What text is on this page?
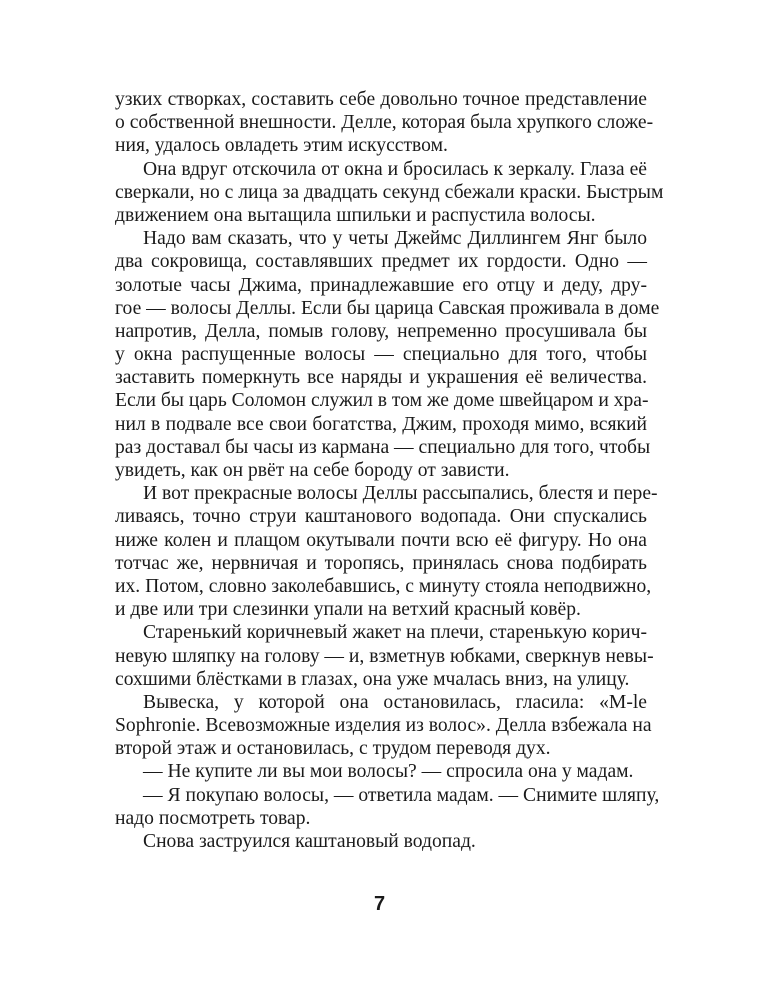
узких створках, составить себе довольно точное представление
о собственной внешности. Делле, которая была хрупкого сложе-
ния, удалось овладеть этим искусством.
Она вдруг отскочила от окна и бросилась к зеркалу. Глаза её
сверкали, но с лица за двадцать секунд сбежали краски. Быстрым
движением она вытащила шпильки и распустила волосы.
Надо вам сказать, что у четы Джеймс Диллингем Янг было
два сокровища, составлявших предмет их гордости. Одно —
золотые часы Джима, принадлежавшие его отцу и деду, дру-
гое — волосы Деллы. Если бы царица Савская проживала в доме
напротив, Делла, помыв голову, непременно просушивала бы
у окна распущенные волосы — специально для того, чтобы
заставить померкнуть все наряды и украшения её величества.
Если бы царь Соломон служил в том же доме швейцаром и хра-
нил в подвале все свои богатства, Джим, проходя мимо, всякий
раз доставал бы часы из кармана — специально для того, чтобы
увидеть, как он рвёт на себе бороду от зависти.
И вот прекрасные волосы Деллы рассыпались, блестя и пере-
ливаясь, точно струи каштанового водопада. Они спускались
ниже колен и плащом окутывали почти всю её фигуру. Но она
тотчас же, нервничая и торопясь, принялась снова подбирать
их. Потом, словно заколебавшись, с минуту стояла неподвижно,
и две или три слезинки упали на ветхий красный ковёр.
Старенький коричневый жакет на плечи, старенькую корич-
невую шляпку на голову — и, взметнув юбками, сверкнув невы-
сохшими блёстками в глазах, она уже мчалась вниз, на улицу.
Вывеска, у которой она остановилась, гласила: «M-le
Sophronie. Всевозможные изделия из волос». Делла взбежала на
второй этаж и остановилась, с трудом переводя дух.
— Не купите ли вы мои волосы? — спросила она у мадам.
— Я покупаю волосы, — ответила мадам. — Снимите шляпу,
надо посмотреть товар.
Снова заструился каштановый водопад.
7
